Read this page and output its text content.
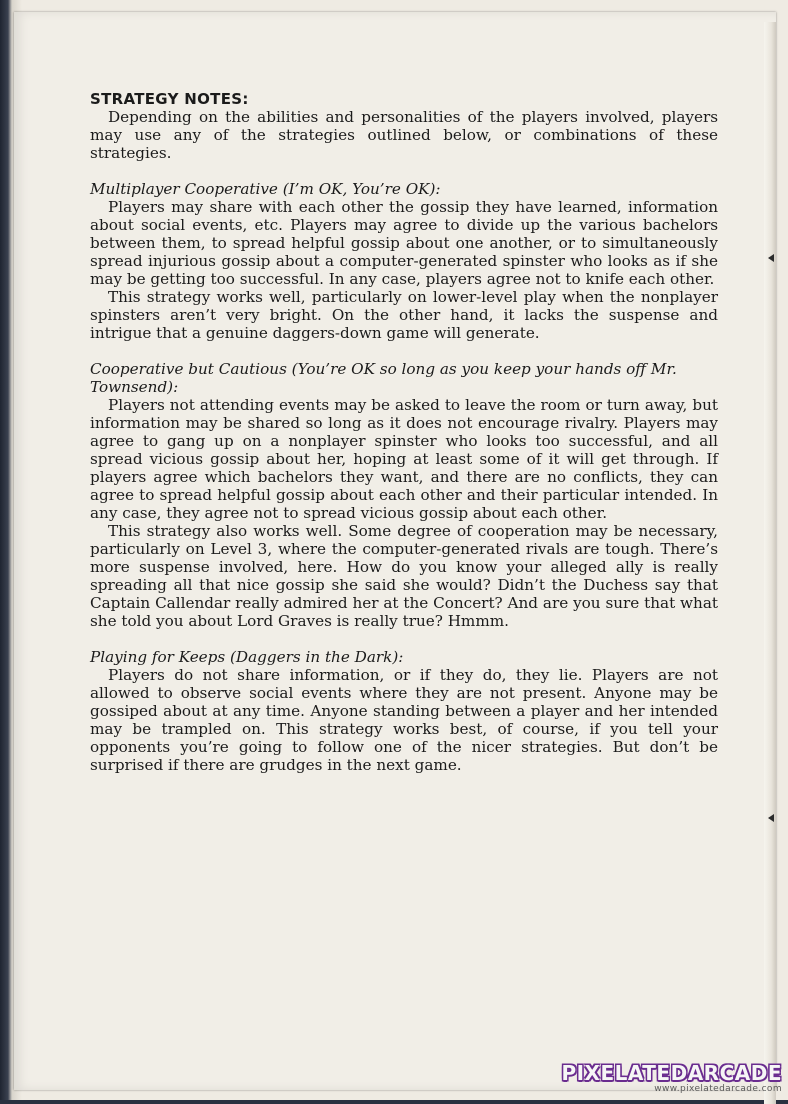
STRATEGY NOTES:

Depending on the abilities and personalities of the players involved, players may use any of the strategies outlined below, or combinations of these strategies.

Multiplayer Cooperative (I’m OK, You’re OK):

Players may share with each other the gossip they have learned, information about social events, etc. Players may agree to divide up the various bachelors between them, to spread helpful gossip about one another, or to simultaneously spread injurious gossip about a computer-generated spinster who looks as if she may be getting too successful. In any case, players agree not to knife each other.

This strategy works well, particularly on lower-level play when the nonplayer spinsters aren’t very bright. On the other hand, it lacks the suspense and intrigue that a genuine daggers-down game will generate.

Cooperative but Cautious (You’re OK so long as you keep your hands off Mr. Townsend):

Players not attending events may be asked to leave the room or turn away, but information may be shared so long as it does not encourage rivalry. Players may agree to gang up on a nonplayer spinster who looks too successful, and all spread vicious gossip about her, hoping at least some of it will get through. If players agree which bachelors they want, and there are no conflicts, they can agree to spread helpful gossip about each other and their particular intended. In any case, they agree not to spread vicious gossip about each other.

This strategy also works well. Some degree of cooperation may be necessary, particularly on Level 3, where the computer-generated rivals are tough. There’s more suspense involved, here. How do you know your alleged ally is really spreading all that nice gossip she said she would? Didn’t the Duchess say that Captain Callendar really admired her at the Concert? And are you sure that what she told you about Lord Graves is really true? Hmmm.

Playing for Keeps (Daggers in the Dark):

Players do not share information, or if they do, they lie. Players are not allowed to observe social events where they are not present. Anyone may be gossiped about at any time. Anyone standing between a player and her intended may be trampled on. This strategy works best, of course, if you tell your opponents you’re going to follow one of the nicer strategies. But don’t be surprised if there are grudges in the next game.

PIXELATEDARCADE
www.pixelatedarcade.com
